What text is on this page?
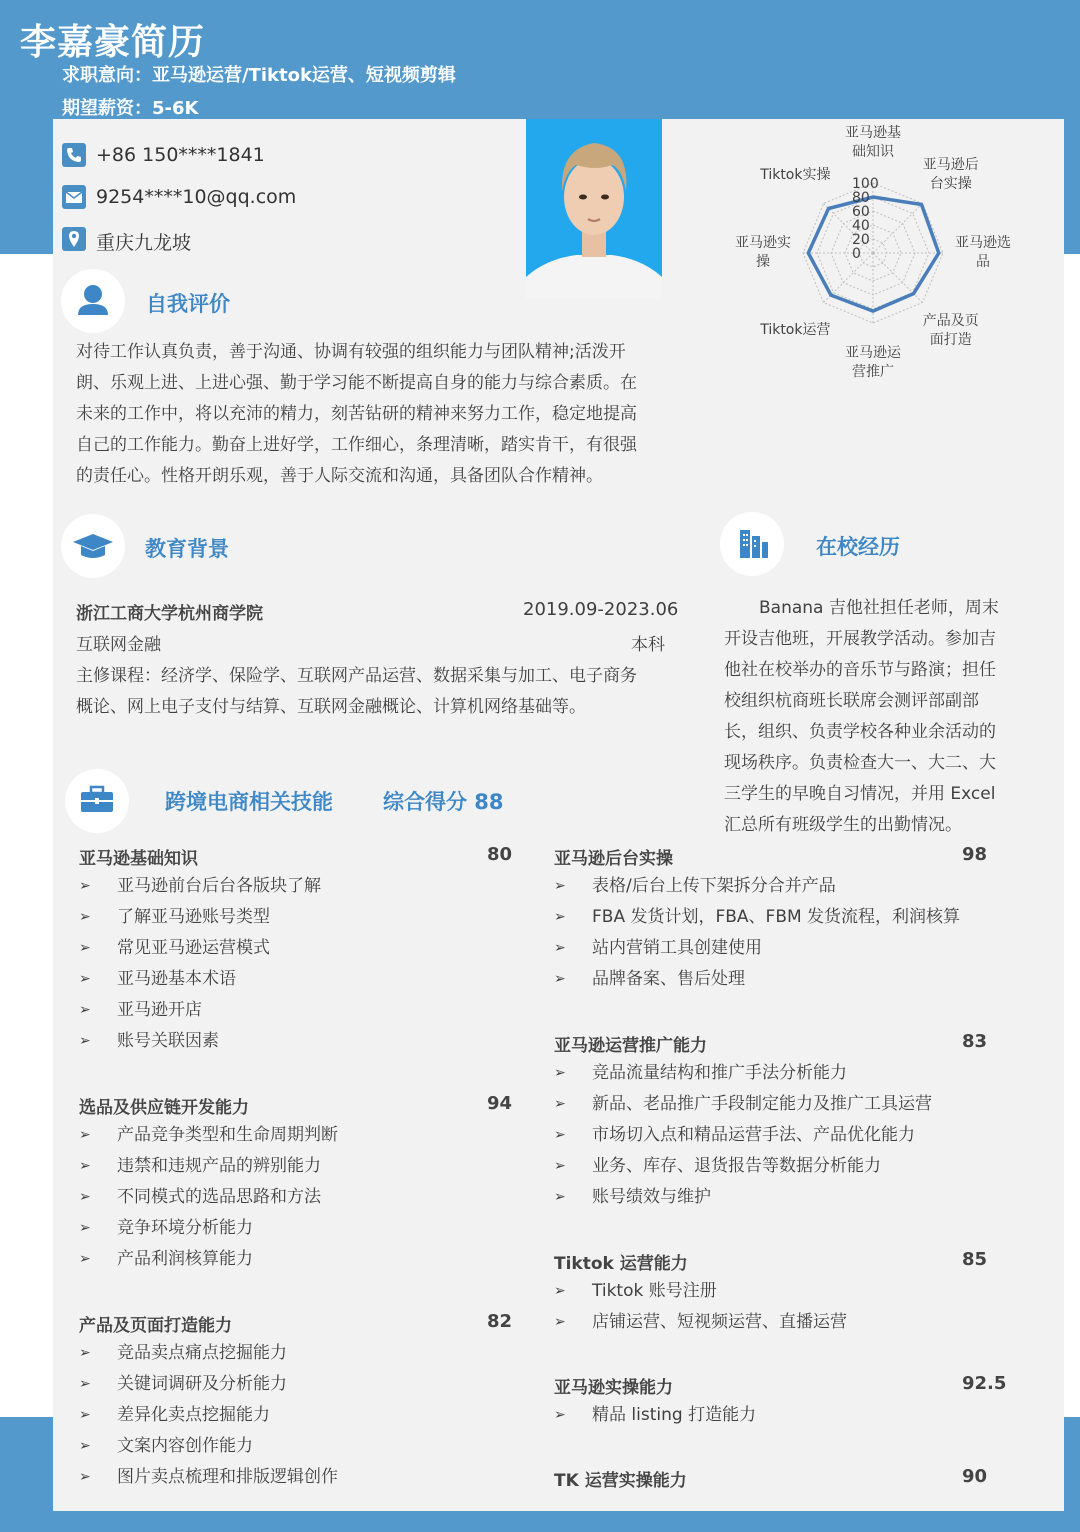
李嘉豪简历
求职意向：亚马逊运营/Tiktok运营、短视频剪辑
期望薪资：5-6K
+86 150****1841
9254****10@qq.com
重庆九龙坡
100
80
60
40
20
0
亚马逊基
础知识
亚马逊后
台实操
亚马逊选
品
产品及页
面打造
亚马逊运
营推广
Tiktok运营
亚马逊实
操
Tiktok实操
自我评价
对待工作认真负责，善于沟通、协调有较强的组织能力与团队精神;活泼开
朗、乐观上进、上进心强、勤于学习能不断提高自身的能力与综合素质。在
未来的工作中，将以充沛的精力，刻苦钻研的精神来努力工作，稳定地提高
自己的工作能力。勤奋上进好学，工作细心，条理清晰，踏实肯干，有很强
的责任心。性格开朗乐观，善于人际交流和沟通，具备团队合作精神。
教育背景
浙江工商大学杭州商学院	2019.09-2023.06
互联网金融	本科
主修课程：经济学、保险学、互联网产品运营、数据采集与加工、电子商务
概论、网上电子支付与结算、互联网金融概论、计算机网络基础等。
在校经历
Banana 吉他社担任老师，周末
开设吉他班，开展教学活动。参加吉
他社在校举办的音乐节与路演；担任
校组织杭商班长联席会测评部副部
长，组织、负责学校各种业余活动的
现场秩序。负责检查大一、大二、大
三学生的早晚自习情况，并用 Excel
汇总所有班级学生的出勤情况。
跨境电商相关技能 综合得分 88
亚马逊基础知识	80
➢ 亚马逊前台后台各版块了解
➢ 了解亚马逊账号类型
➢ 常见亚马逊运营模式
➢ 亚马逊基本术语
➢ 亚马逊开店
➢ 账号关联因素
选品及供应链开发能力	94
➢ 产品竞争类型和生命周期判断
➢ 违禁和违规产品的辨别能力
➢ 不同模式的选品思路和方法
➢ 竞争环境分析能力
➢ 产品利润核算能力
产品及页面打造能力	82
➢ 竞品卖点痛点挖掘能力
➢ 关键词调研及分析能力
➢ 差异化卖点挖掘能力
➢ 文案内容创作能力
➢ 图片卖点梳理和排版逻辑创作
亚马逊后台实操	98
➢ 表格/后台上传下架拆分合并产品
➢ FBA 发货计划，FBA、FBM 发货流程，利润核算
➢ 站内营销工具创建使用
➢ 品牌备案、售后处理
亚马逊运营推广能力	83
➢ 竞品流量结构和推广手法分析能力
➢ 新品、老品推广手段制定能力及推广工具运营
➢ 市场切入点和精品运营手法、产品优化能力
➢ 业务、库存、退货报告等数据分析能力
➢ 账号绩效与维护
Tiktok 运营能力	85
➢ Tiktok 账号注册
➢ 店铺运营、短视频运营、直播运营
亚马逊实操能力	92.5
➢ 精品 listing 打造能力
TK 运营实操能力	90
